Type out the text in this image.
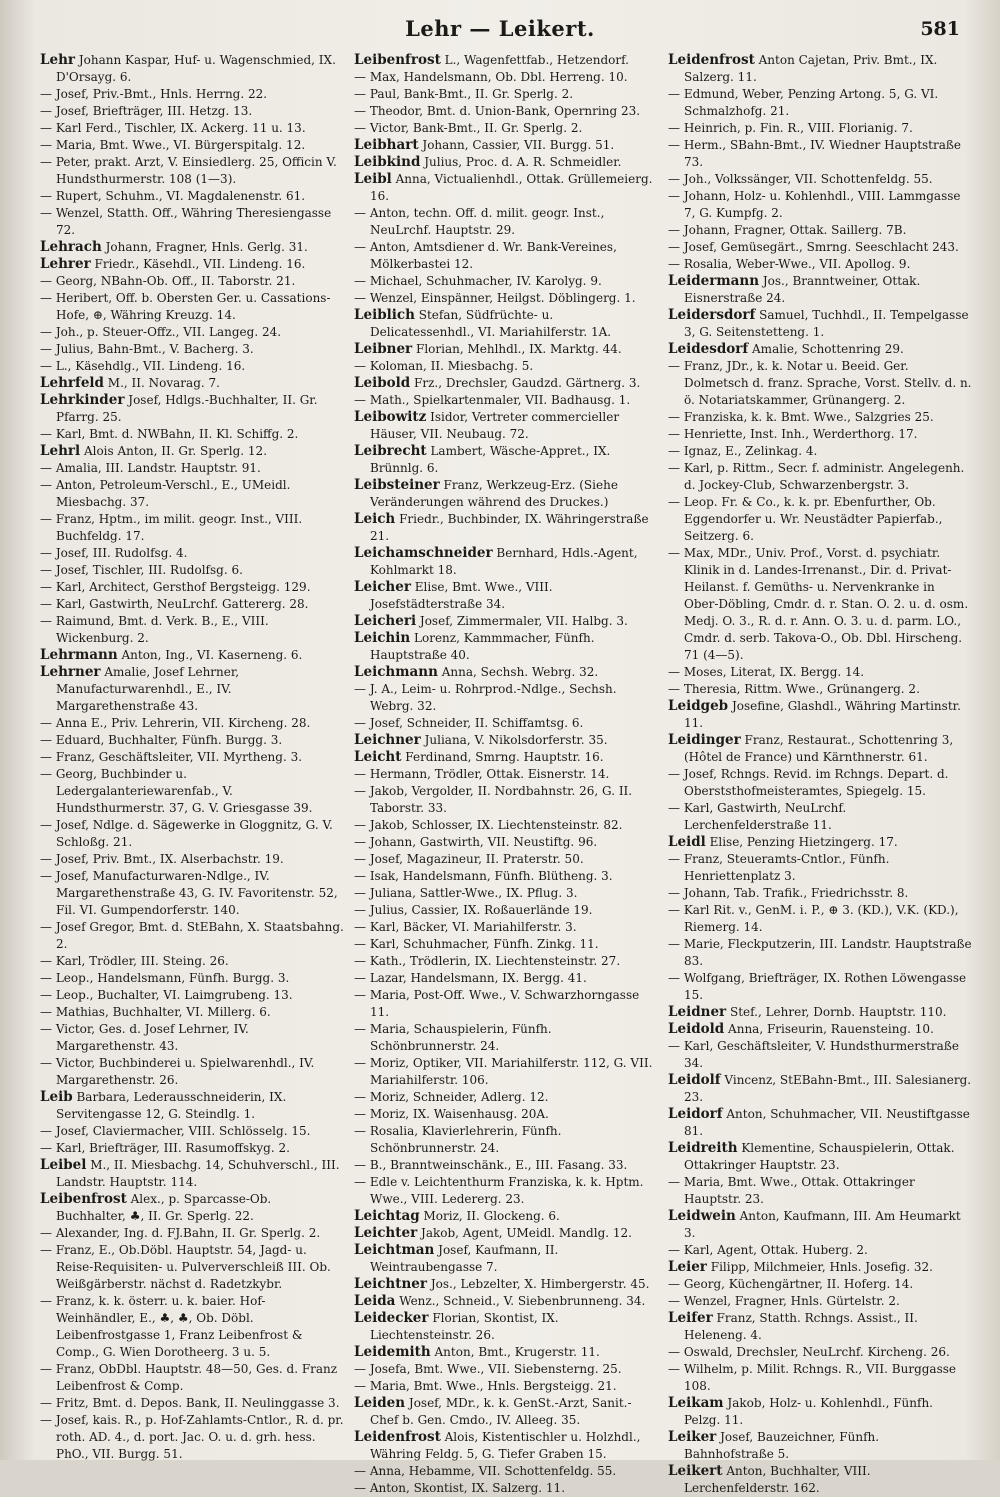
Lehr — Leikert.	581
Lehr Johann Kaspar, Huf- u. Wagenschmied, IX. D'Orsayg. 6.
— Josef, Priv.-Bmt., Hnls. Herrng. 22.
— Josef, Briefträger, III. Hetzg. 13.
— Karl Ferd., Tischler, IX. Ackerg. 11 u. 13.
— Maria, Bmt. Wwe., VI. Bürgerspitalg. 12.
— Peter, prakt. Arzt, V. Einsiedlerg. 25, Officin V. Hundsthurmerstr. 108 (1—3).
— Rupert, Schuhm., VI. Magdalenenstr. 61.
— Wenzel, Statth. Off., Währing Theresiengasse 72.
Lehrach Johann, Fragner, Hnls. Gerlg. 31.
Lehrer Friedr., Käsehdl., VII. Lindeng. 16.
— Georg, NBahn-Ob. Off., II. Taborstr. 21.
— Heribert, Off. b. Obersten Ger. u. Cassations-Hofe, ⊕, Währing Kreuzg. 14.
— Joh., p. Steuer-Offz., VII. Langeg. 24.
— Julius, Bahn-Bmt., V. Bacherg. 3.
— L., Käsehdlg., VII. Lindeng. 16.
Lehrfeld M., II. Novarag. 7.
Lehrkinder Josef, Hdlgs.-Buchhalter, II. Gr. Pfarrg. 25.
— Karl, Bmt. d. NWBahn, II. Kl. Schiffg. 2.
Lehrl Alois Anton, II. Gr. Sperlg. 12.
— Amalia, III. Landstr. Hauptstr. 91.
— Anton, Petroleum-Verschl., E., UMeidl. Miesbachg. 37.
— Franz, Hptm., im milit. geogr. Inst., VIII. Buchfeldg. 17.
— Josef, III. Rudolfsg. 4.
— Josef, Tischler, III. Rudolfsg. 6.
— Karl, Architect, Gersthof Bergsteigg. 129.
— Karl, Gastwirth, NeuLrchf. Gattererg. 28.
— Raimund, Bmt. d. Verk. B., E., VIII. Wickenburg. 2.
Lehrmann Anton, Ing., VI. Kaserneng. 6.
Lehrner Amalie, Josef Lehrner, Manufacturwarenhdl., E., IV. Margarethenstraße 43.
— Anna E., Priv. Lehrerin, VII. Kircheng. 28.
— Eduard, Buchhalter, Fünfh. Burgg. 3.
— Franz, Geschäftsleiter, VII. Myrtheng. 3.
— Georg, Buchbinder u. Ledergalanteriewarenfab., V. Hundsthurmerstr. 37, G. V. Griesgasse 39.
— Josef, Ndlge. d. Sägewerke in Gloggnitz, G. V. Schloßg. 21.
— Josef, Priv. Bmt., IX. Alserbachstr. 19.
— Josef, Manufacturwaren-Ndlge., IV. Margarethenstraße 43, G. IV. Favoritenstr. 52, Fil. VI. Gumpendorferstr. 140.
— Josef Gregor, Bmt. d. StEBahn, X. Staatsbahng. 2.
— Karl, Trödler, III. Steing. 26.
— Leop., Handelsmann, Fünfh. Burgg. 3.
— Leop., Buchalter, VI. Laimgrubeng. 13.
— Mathias, Buchhalter, VI. Millerg. 6.
— Victor, Ges. d. Josef Lehrner, IV. Margarethenstr. 43.
— Victor, Buchbinderei u. Spielwarenhdl., IV. Margarethenstr. 26.
Leib Barbara, Lederausschneiderin, IX. Servitengasse 12, G. Steindlg. 1.
— Josef, Claviermacher, VIII. Schlösselg. 15.
— Karl, Briefträger, III. Rasumoffskyg. 2.
Leibel M., II. Miesbachg. 14, Schuhverschl., III. Landstr. Hauptstr. 114.
Leibenfrost Alex., p. Sparcasse-Ob. Buchhalter, ♣, II. Gr. Sperlg. 22.
— Alexander, Ing. d. FJ.Bahn, II. Gr. Sperlg. 2.
— Franz, E., Ob.Döbl. Hauptstr. 54, Jagd- u. Reise-Requisiten- u. Pulververschleiß III. Ob. Weißgärberstr. nächst d. Radetzkybr.
— Franz, k. k. österr. u. k. baier. Hof-Weinhändler, E., ♣, ♣, Ob. Döbl. Leibenfrostgasse 1, Franz Leibenfrost & Comp., G. Wien Dorotheerg. 3 u. 5.
— Franz, ObDbl. Hauptstr. 48—50, Ges. d. Franz Leibenfrost & Comp.
— Fritz, Bmt. d. Depos. Bank, II. Neulinggasse 3.
— Josef, kais. R., p. Hof-Zahlamts-Cntlor., R. d. pr. roth. AD. 4., d. port. Jac. O. u. d. grh. hess. PhO., VII. Burgg. 51.
Leibenfrost L., Wagenfettfab., Hetzendorf.
— Max, Handelsmann, Ob. Dbl. Herreng. 10.
— Paul, Bank-Bmt., II. Gr. Sperlg. 2.
— Theodor, Bmt. d. Union-Bank, Opernring 23.
— Victor, Bank-Bmt., II. Gr. Sperlg. 2.
Leibhart Johann, Cassier, VII. Burgg. 51.
Leibkind Julius, Proc. d. A. R. Schmeidler.
Leibl Anna, Victualienhdl., Ottak. Grüllemeierg. 16.
— Anton, techn. Off. d. milit. geogr. Inst., NeuLrchf. Hauptstr. 29.
— Anton, Amtsdiener d. Wr. Bank-Vereines, Mölkerbastei 12.
— Michael, Schuhmacher, IV. Karolyg. 9.
— Wenzel, Einspänner, Heilgst. Döblingerg. 1.
Leiblich Stefan, Südfrüchte- u. Delicatessenhdl., VI. Mariahilferstr. 1A.
Leibner Florian, Mehlhdl., IX. Marktg. 44.
— Koloman, II. Miesbachg. 5.
Leibold Frz., Drechsler, Gaudzd. Gärtnerg. 3.
— Math., Spielkartenmaler, VII. Badhausg. 1.
Leibowitz Isidor, Vertreter commercieller Häuser, VII. Neubaug. 72.
Leibrecht Lambert, Wäsche-Appret., IX. Brünnlg. 6.
Leibsteiner Franz, Werkzeug-Erz. (Siehe Veränderungen während des Druckes.)
Leich Friedr., Buchbinder, IX. Währingerstraße 21.
Leichamschneider Bernhard, Hdls.-Agent, Kohlmarkt 18.
Leicher Elise, Bmt. Wwe., VIII. Josefstädterstraße 34.
Leicheri Josef, Zimmermaler, VII. Halbg. 3.
Leichin Lorenz, Kammmacher, Fünfh. Hauptstraße 40.
Leichmann Anna, Sechsh. Webrg. 32.
— J. A., Leim- u. Rohrprod.-Ndlge., Sechsh. Webrg. 32.
— Josef, Schneider, II. Schiffamtsg. 6.
Leichner Juliana, V. Nikolsdorferstr. 35.
Leicht Ferdinand, Smrng. Hauptstr. 16.
— Hermann, Trödler, Ottak. Eisnerstr. 14.
— Jakob, Vergolder, II. Nordbahnstr. 26, G. II. Taborstr. 33.
— Jakob, Schlosser, IX. Liechtensteinstr. 82.
— Johann, Gastwirth, VII. Neustiftg. 96.
— Josef, Magazineur, II. Praterstr. 50.
— Isak, Handelsmann, Fünfh. Blütheng. 3.
— Juliana, Sattler-Wwe., IX. Pflug. 3.
— Julius, Cassier, IX. Roßauerlände 19.
— Karl, Bäcker, VI. Mariahilferstr. 3.
— Karl, Schuhmacher, Fünfh. Zinkg. 11.
— Kath., Trödlerin, IX. Liechtensteinstr. 27.
— Lazar, Handelsmann, IX. Bergg. 41.
— Maria, Post-Off. Wwe., V. Schwarzhorngasse 11.
— Maria, Schauspielerin, Fünfh. Schönbrunnerstr. 24.
— Moriz, Optiker, VII. Mariahilferstr. 112, G. VII. Mariahilferstr. 106.
— Moriz, Schneider, Adlerg. 12.
— Moriz, IX. Waisenhausg. 20A.
— Rosalia, Klavierlehrerin, Fünfh. Schönbrunnerstr. 24.
— B., Branntweinschänk., E., III. Fasang. 33.
— Edle v. Leichtenthurm Franziska, k. k. Hptm. Wwe., VIII. Ledererg. 23.
Leichtag Moriz, II. Glockeng. 6.
Leichter Jakob, Agent, UMeidl. Mandlg. 12.
Leichtman Josef, Kaufmann, II. Weintraubengasse 7.
Leichtner Jos., Lebzelter, X. Himbergerstr. 45.
Leida Wenz., Schneid., V. Siebenbrunneng. 34.
Leidecker Florian, Skontist, IX. Liechtensteinstr. 26.
Leidemith Anton, Bmt., Krugerstr. 11.
— Josefa, Bmt. Wwe., VII. Siebensterng. 25.
— Maria, Bmt. Wwe., Hnls. Bergsteigg. 21.
Leiden Josef, MDr., k. k. GenSt.-Arzt, Sanit.-Chef b. Gen. Cmdo., IV. Alleeg. 35.
Leidenfrost Alois, Kistentischler u. Holzhdl., Währing Feldg. 5, G. Tiefer Graben 15.
— Anna, Hebamme, VII. Schottenfeldg. 55.
— Anton, Skontist, IX. Salzerg. 11.
Leidenfrost Anton Cajetan, Priv. Bmt., IX. Salzerg. 11.
— Edmund, Weber, Penzing Artong. 5, G. VI. Schmalzhofg. 21.
— Heinrich, p. Fin. R., VIII. Florianig. 7.
— Herm., SBahn-Bmt., IV. Wiedner Hauptstraße 73.
— Joh., Volkssänger, VII. Schottenfeldg. 55.
— Johann, Holz- u. Kohlenhdl., VIII. Lammgasse 7, G. Kumpfg. 2.
— Johann, Fragner, Ottak. Saillerg. 7B.
— Josef, Gemüsegärt., Smrng. Seeschlacht 243.
— Rosalia, Weber-Wwe., VII. Apollog. 9.
Leidermann Jos., Branntweiner, Ottak. Eisnerstraße 24.
Leidersdorf Samuel, Tuchhdl., II. Tempelgasse 3, G. Seitenstetteng. 1.
Leidesdorf Amalie, Schottenring 29.
— Franz, JDr., k. k. Notar u. Beeid. Ger. Dolmetsch d. franz. Sprache, Vorst. Stellv. d. n. ö. Notariatskammer, Grünangerg. 2.
— Franziska, k. k. Bmt. Wwe., Salzgries 25.
— Henriette, Inst. Inh., Werderthorg. 17.
— Ignaz, E., Zelinkag. 4.
— Karl, p. Rittm., Secr. f. administr. Angelegenh. d. Jockey-Club, Schwarzenbergstr. 3.
— Leop. Fr. & Co., k. k. pr. Ebenfurther, Ob. Eggendorfer u. Wr. Neustädter Papierfab., Seitzerg. 6.
— Max, MDr., Univ. Prof., Vorst. d. psychiatr. Klinik in d. Landes-Irrenanst., Dir. d. Privat-Heilanst. f. Gemüths- u. Nervenkranke in Ober-Döbling, Cmdr. d. r. Stan. O. 2. u. d. osm. Medj. O. 3., R. d. r. Ann. O. 3. u. d. parm. LO., Cmdr. d. serb. Takova-O., Ob. Dbl. Hirscheng. 71 (4—5).
— Moses, Literat, IX. Bergg. 14.
— Theresia, Rittm. Wwe., Grünangerg. 2.
Leidgeb Josefine, Glashdl., Währing Martinstr. 11.
Leidinger Franz, Restaurat., Schottenring 3, (Hôtel de France) und Kärnthnerstr. 61.
— Josef, Rchngs. Revid. im Rchngs. Depart. d. Oberststhofmeisteramtes, Spiegelg. 15.
— Karl, Gastwirth, NeuLrchf. Lerchenfelderstraße 11.
Leidl Elise, Penzing Hietzingerg. 17.
— Franz, Steueramts-Cntlor., Fünfh. Henriettenplatz 3.
— Johann, Tab. Trafik., Friedrichsstr. 8.
— Karl Rit. v., GenM. i. P., ⊕ 3. (KD.), V.K. (KD.), Riemerg. 14.
— Marie, Fleckputzerin, III. Landstr. Hauptstraße 83.
— Wolfgang, Briefträger, IX. Rothen Löwengasse 15.
Leidner Stef., Lehrer, Dornb. Hauptstr. 110.
Leidold Anna, Friseurin, Rauensteing. 10.
— Karl, Geschäftsleiter, V. Hundsthurmerstraße 34.
Leidolf Vincenz, StEBahn-Bmt., III. Salesianerg. 23.
Leidorf Anton, Schuhmacher, VII. Neustiftgasse 81.
Leidreith Klementine, Schauspielerin, Ottak. Ottakringer Hauptstr. 23.
— Maria, Bmt. Wwe., Ottak. Ottakringer Hauptstr. 23.
Leidwein Anton, Kaufmann, III. Am Heumarkt 3.
— Karl, Agent, Ottak. Huberg. 2.
Leier Filipp, Milchmeier, Hnls. Josefig. 32.
— Georg, Küchengärtner, II. Hoferg. 14.
— Wenzel, Fragner, Hnls. Gürtelstr. 2.
Leifer Franz, Statth. Rchngs. Assist., II. Heleneng. 4.
— Oswald, Drechsler, NeuLrchf. Kircheng. 26.
— Wilhelm, p. Milit. Rchngs. R., VII. Burggasse 108.
Leikam Jakob, Holz- u. Kohlenhdl., Fünfh. Pelzg. 11.
Leiker Josef, Bauzeichner, Fünfh. Bahnhofstraße 5.
Leikert Anton, Buchhalter, VIII. Lerchenfelderstr. 162.
